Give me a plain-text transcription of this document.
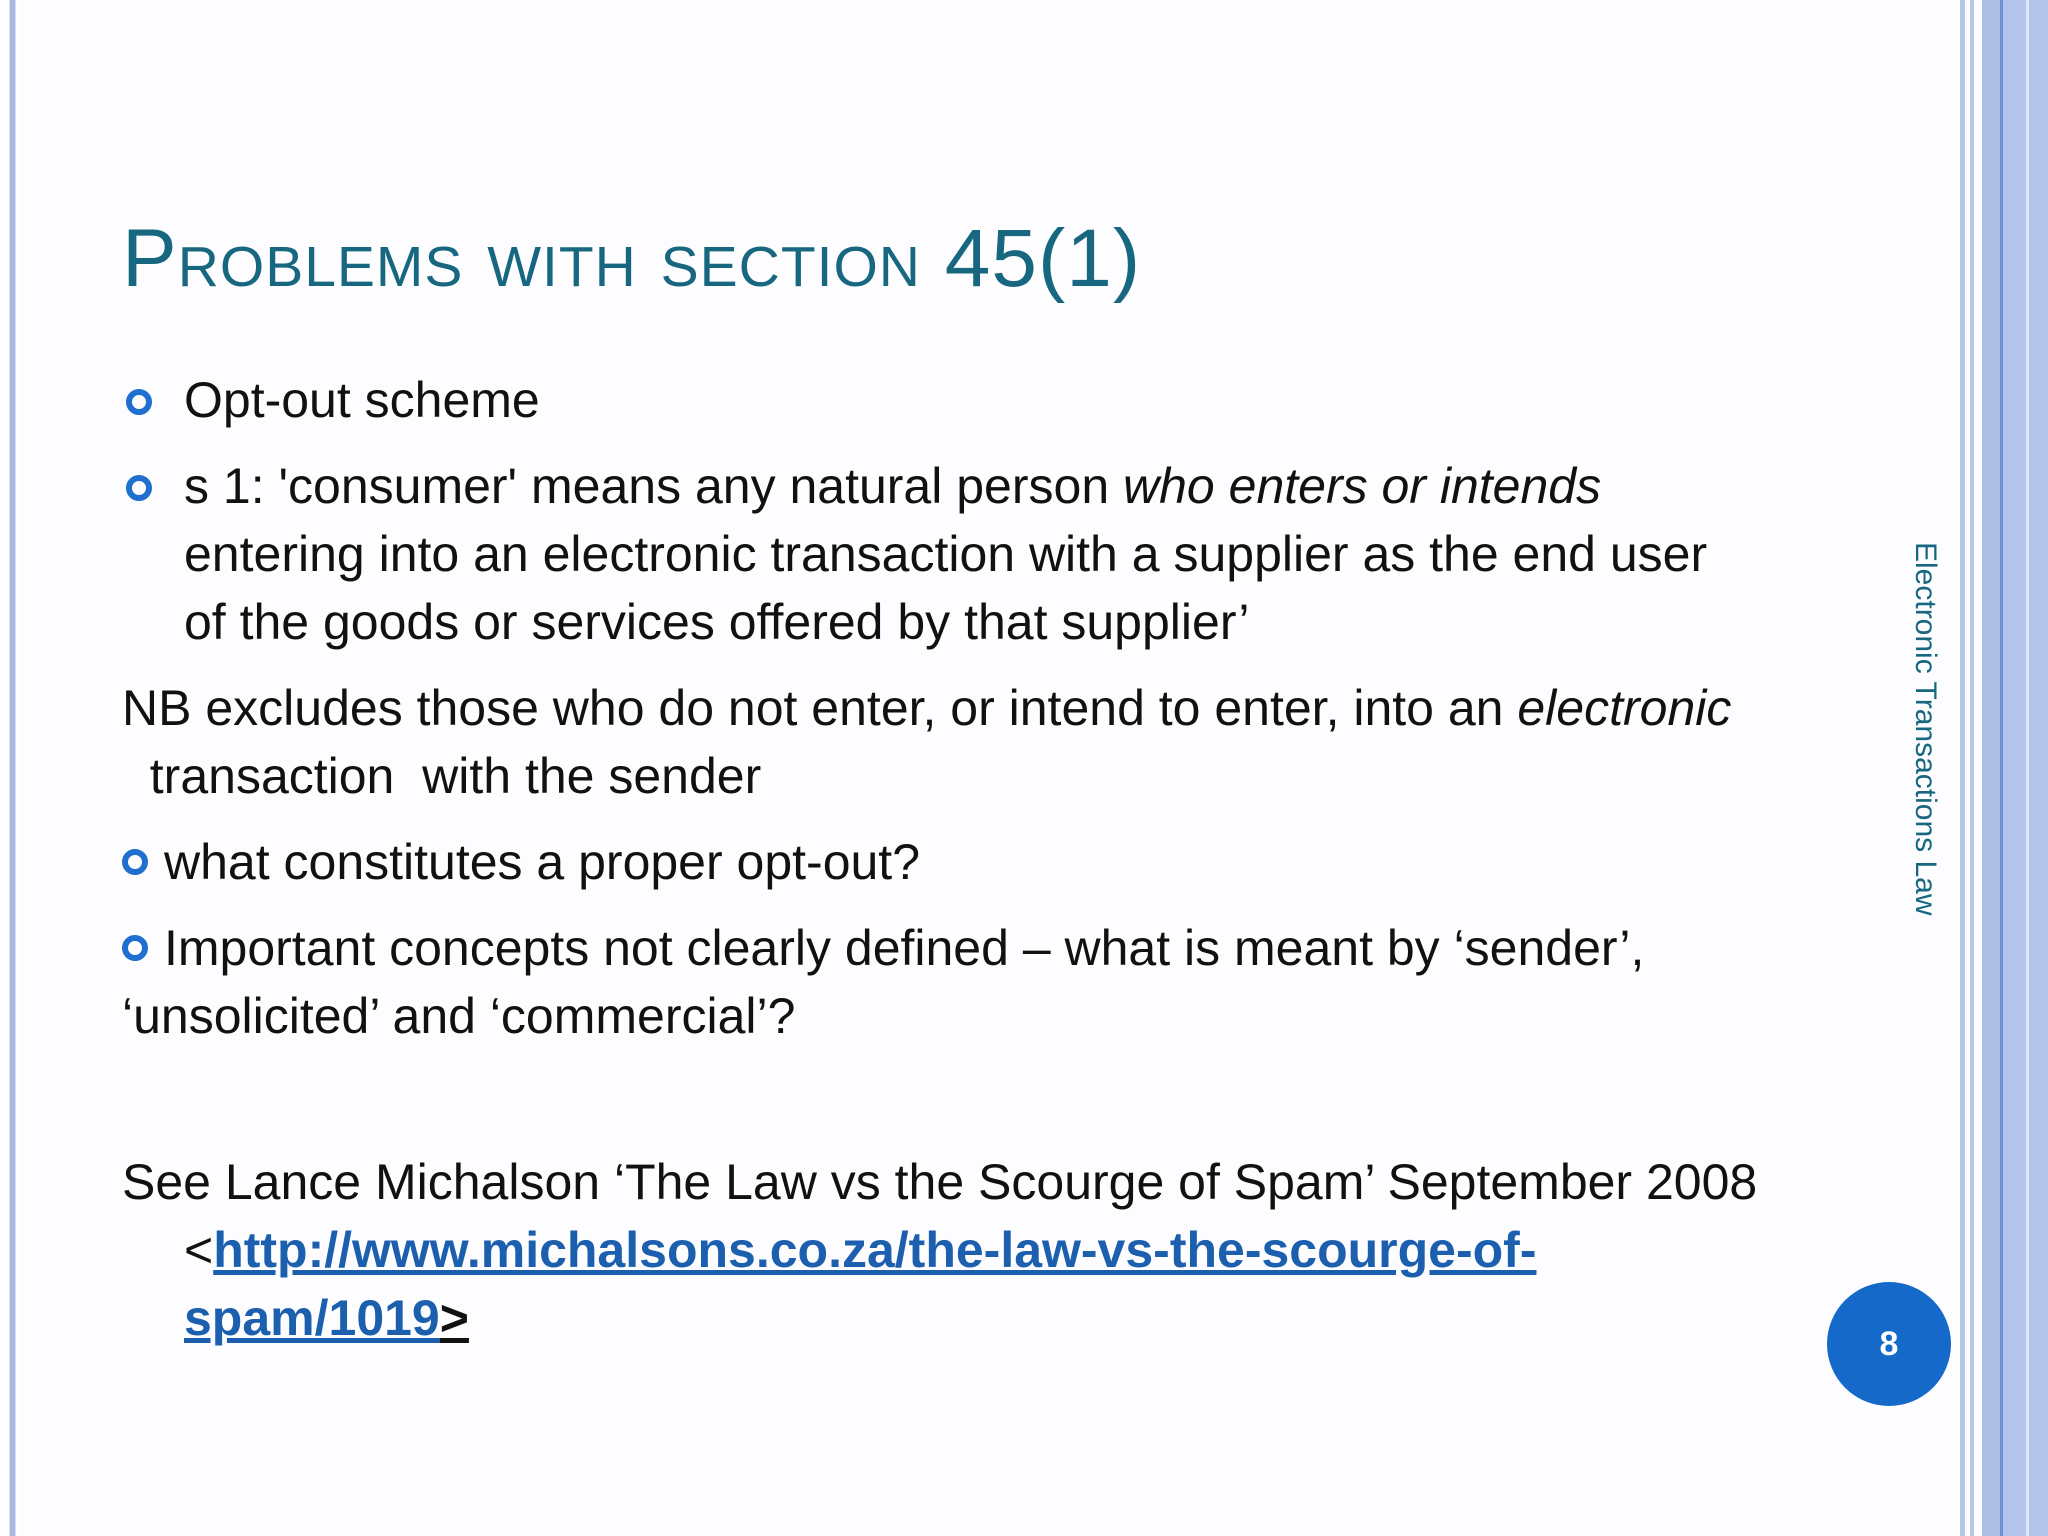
Problems with section 45(1)
Opt-out scheme
s 1: 'consumer' means any natural person who enters or intends entering into an electronic transaction with a supplier as the end user of the goods or services offered by that supplier’
NB excludes those who do not enter, or intend to enter, into an electronic  transaction  with the sender
what constitutes a proper opt-out?
Important concepts not clearly defined – what is meant by ‘sender’, ‘unsolicited’ and ‘commercial’?
See Lance Michalson ‘The Law vs the Scourge of Spam’ September 2008 <http://www.michalsons.co.za/the-law-vs-the-scourge-of-spam/1019>
Electronic Transactions Law
8
